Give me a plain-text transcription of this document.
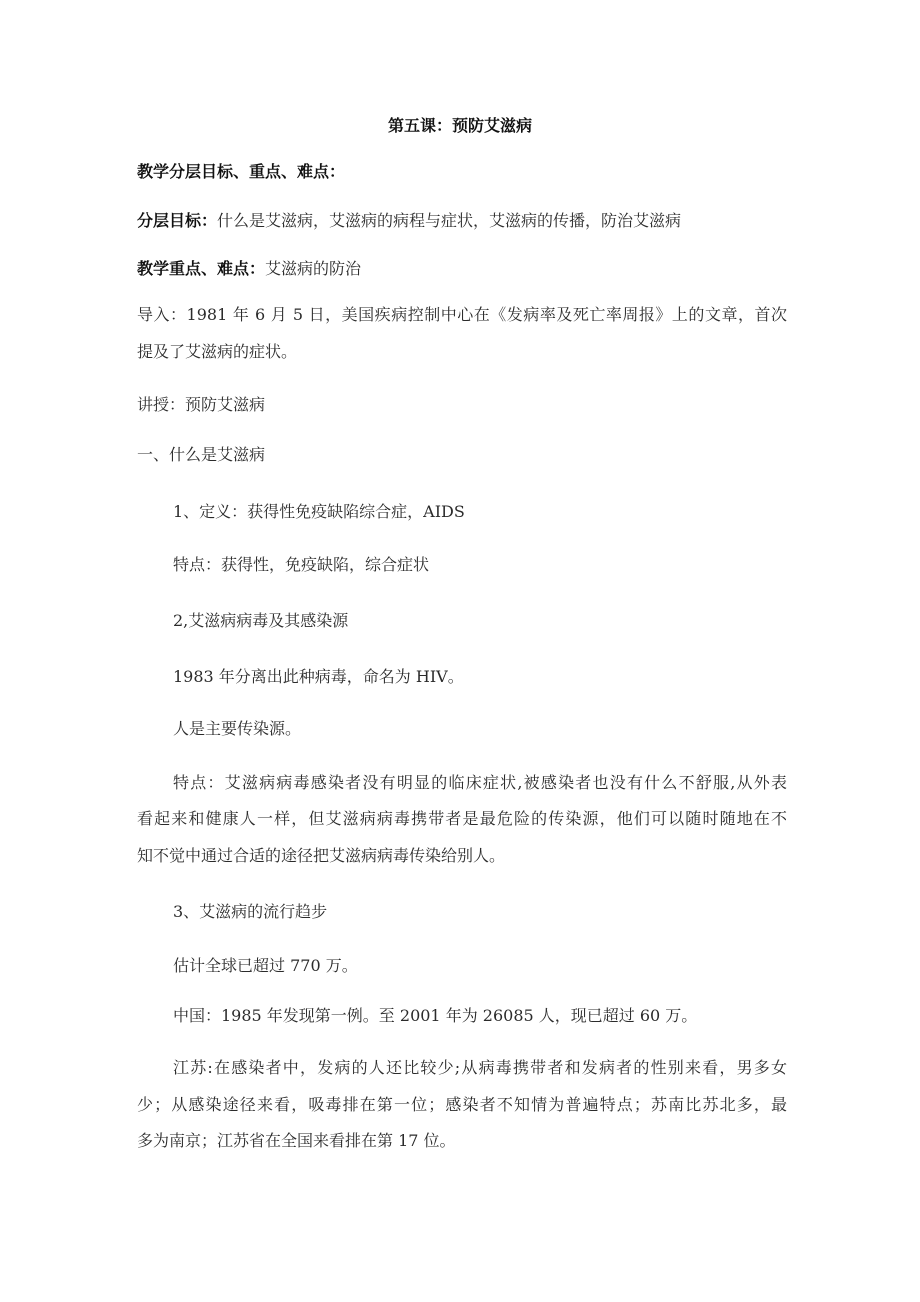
第五课：预防艾滋病

教学分层目标、重点、难点：

分层目标：什么是艾滋病，艾滋病的病程与症状，艾滋病的传播，防治艾滋病

教学重点、难点：艾滋病的防治

导入：1981 年 6 月 5 日，美国疾病控制中心在《发病率及死亡率周报》上的文章，首次

提及了艾滋病的症状。

讲授：预防艾滋病

一、什么是艾滋病

1、定义：获得性免疫缺陷综合症，AIDS

特点：获得性，免疫缺陷，综合症状

2,艾滋病病毒及其感染源

1983 年分离出此种病毒，命名为 HIV。

人是主要传染源。

特点：艾滋病病毒感染者没有明显的临床症状,被感染者也没有什么不舒服,从外表

看起来和健康人一样，但艾滋病病毒携带者是最危险的传染源，他们可以随时随地在不

知不觉中通过合适的途径把艾滋病病毒传染给别人。

3、艾滋病的流行趋步

估计全球已超过 770 万。

中国：1985 年发现第一例。至 2001 年为 26085 人，现已超过 60 万。

江苏:在感染者中，发病的人还比较少;从病毒携带者和发病者的性别来看，男多女

少；从感染途径来看，吸毒排在第一位；感染者不知情为普遍特点；苏南比苏北多，最

多为南京；江苏省在全国来看排在第 17 位。
